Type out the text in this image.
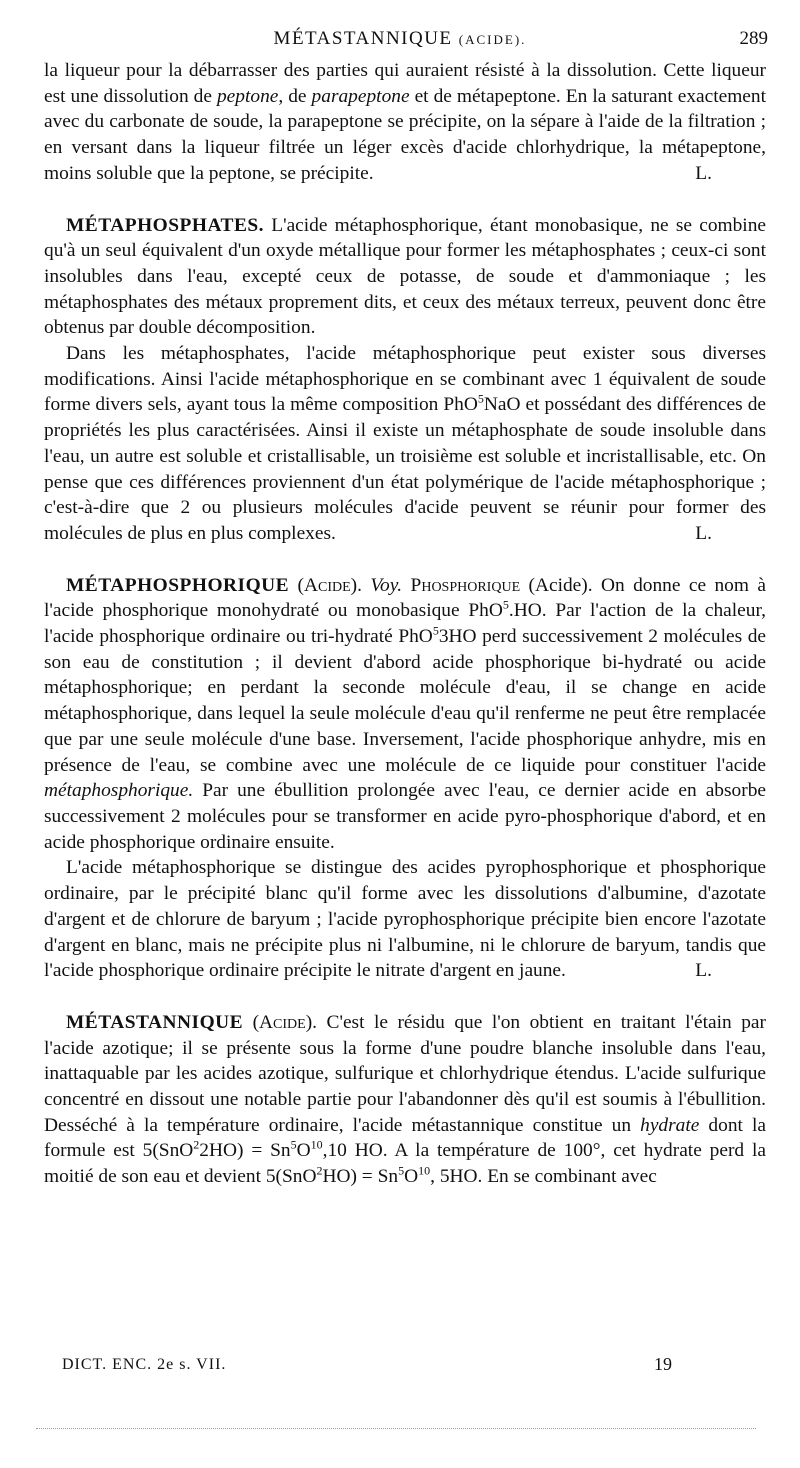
MÉTASTANNIQUE (ACIDE).	289

la liqueur pour la débarrasser des parties qui auraient résisté à la dissolution. Cette liqueur est une dissolution de peptone, de parapeptone et de métapeptone. En la saturant exactement avec du carbonate de soude, la parapeptone se précipite, on la sépare à l'aide de la filtration ; en versant dans la liqueur filtrée un léger excès d'acide chlorhydrique, la métapeptone, moins soluble que la peptone, se précipite.	L.

MÉTAPHOSPHATES. L'acide métaphosphorique, étant monobasique, ne se combine qu'à un seul équivalent d'un oxyde métallique pour former les métaphosphates ; ceux-ci sont insolubles dans l'eau, excepté ceux de potasse, de soude et d'ammoniaque ; les métaphosphates des métaux proprement dits, et ceux des métaux terreux, peuvent donc être obtenus par double décomposition.

Dans les métaphosphates, l'acide métaphosphorique peut exister sous diverses modifications. Ainsi l'acide métaphosphorique en se combinant avec 1 équivalent de soude forme divers sels, ayant tous la même composition PhO$^5$NaO et possédant des différences de propriétés les plus caractérisées. Ainsi il existe un métaphosphate de soude insoluble dans l'eau, un autre est soluble et cristallisable, un troisième est soluble et incristallisable, etc. On pense que ces différences proviennent d'un état polymérique de l'acide métaphosphorique ; c'est-à-dire que 2 ou plusieurs molécules d'acide peuvent se réunir pour former des molécules de plus en plus complexes.	L.

MÉTAPHOSPHORIQUE (Acide). Voy. Phosphorique (Acide). On donne ce nom à l'acide phosphorique monohydraté ou monobasique PhO$^5$.HO. Par l'action de la chaleur, l'acide phosphorique ordinaire ou tri-hydraté PhO$^5$3HO perd successivement 2 molécules de son eau de constitution ; il devient d'abord acide phosphorique bi-hydraté ou acide métaphosphorique; en perdant la seconde molécule d'eau, il se change en acide métaphosphorique, dans lequel la seule molécule d'eau qu'il renferme ne peut être remplacée que par une seule molécule d'une base. Inversement, l'acide phosphorique anhydre, mis en présence de l'eau, se combine avec une molécule de ce liquide pour constituer l'acide métaphosphorique. Par une ébullition prolongée avec l'eau, ce dernier acide en absorbe successivement 2 molécules pour se transformer en acide pyro-phosphorique d'abord, et en acide phosphorique ordinaire ensuite.

L'acide métaphosphorique se distingue des acides pyrophosphorique et phosphorique ordinaire, par le précipité blanc qu'il forme avec les dissolutions d'albumine, d'azotate d'argent et de chlorure de baryum ; l'acide pyrophosphorique précipite bien encore l'azotate d'argent en blanc, mais ne précipite plus ni l'albumine, ni le chlorure de baryum, tandis que l'acide phosphorique ordinaire précipite le nitrate d'argent en jaune.	L.

MÉTASTANNIQUE (Acide). C'est le résidu que l'on obtient en traitant l'étain par l'acide azotique; il se présente sous la forme d'une poudre blanche insoluble dans l'eau, inattaquable par les acides azotique, sulfurique et chlorhydrique étendus. L'acide sulfurique concentré en dissout une notable partie pour l'abandonner dès qu'il est soumis à l'ébullition. Desséché à la température ordinaire, l'acide métastannique constitue un hydrate dont la formule est $5(SnO^22HO) = Sn^5O^{10},10$ HO. A la température de 100°, cet hydrate perd la moitié de son eau et devient $5(SnO^2HO) = Sn^5O^{10}$, 5HO. En se combinant avec

DICT. ENC. 2e s. VII.	19
